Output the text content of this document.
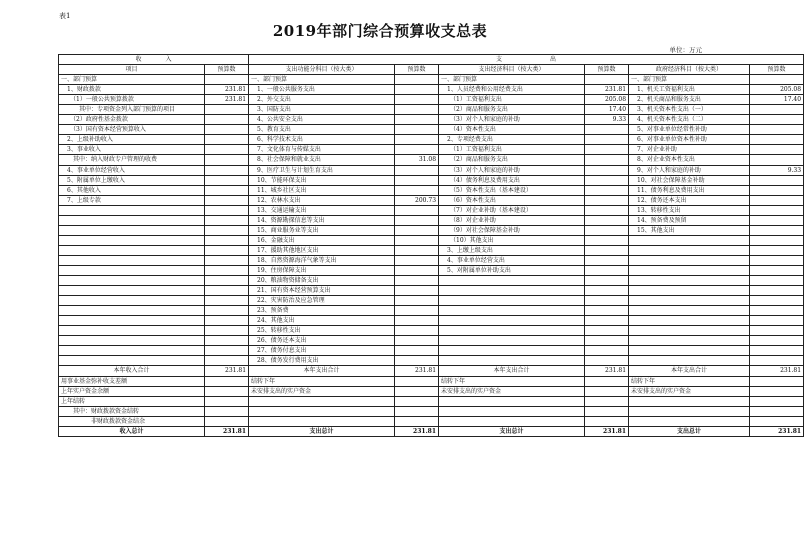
表1
2019年部门综合预算收支总表
单位：万元
收　　　　入		支　　　　　　　　出					
项目	预算数	支出功能分科目（按大类）	预算数	支出经济科目（按大类）	预算数	政府经济科目（按大类）	预算数
一、部门预算		一、部门预算		一、部门预算		一、部门预算	
　1、财政拨款	231.81	　1、一般公共服务支出		　1、人员经费和公用经费支出	231.81	　1、机关工资福利支出	205.08
　　（1）一般公共预算拨款	231.81	　2、外交支出		　　（1）工资福利支出	205.08	　2、机关商品和服务支出	17.40
　　　其中：专项资金列入部门预算的项目		　3、国防支出		　　（2）商品和服务支出	17.40	　3、机关资本性支出（一）	
　　（2）政府性基金拨款		　4、公共安全支出		　　（3）对个人和家庭的补助	9.33	　4、机关资本性支出（二）	
　　（3）国有资本经营预算收入		　5、教育支出		　　（4）资本性支出		　5、对事业单位经常性补助	
　2、上级补助收入		　6、科学技术支出		　2、专项经费支出		　6、对事业单位资本性补助	
　3、事业收入		　7、文化体育与传媒支出		　　（1）工资福利支出		　7、对企业补助	
　　其中：纳入财政专户管理的收费		　8、社会保障和就业支出	31.08	　　（2）商品和服务支出		　8、对企业资本性支出	
　4、事业单位经营收入		　9、医疗卫生与计划生育支出		　　（3）对个人和家庭的补助		　9、对个人和家庭的补助	9.33
　5、附属单位上缴收入		　10、节能环保支出		　　（4）债务利息及费用支出		　10、对社会保障基金补助	
　6、其他收入		　11、城乡社区支出		　　（5）资本性支出（基本建设）		　11、债务利息及费用支出	
　7、上级专款		　12、农林水支出	200.73	　　（6）资本性支出		　12、债务还本支出	
		　13、交通运输支出		　　（7）对企业补助（基本建设）		　13、转移性支出	
		　14、资源勘探信息等支出		　　（8）对企业补助		　14、预备费及预留	
		　15、商业服务业等支出		　　（9）对社会保障基金补助		　15、其他支出	
		　16、金融支出		　　（10）其他支出			
		　17、援助其他地区支出		　3、上缴上级支出			
		　18、自然资源海洋气象等支出		　4、事业单位经营支出			
		　19、住房保障支出		　5、对附属单位补助支出			
		　20、粮油物资储备支出					
		　21、国有资本经营预算支出					
		　22、灾害防治及应急管理					
		　23、预备费					
		　24、其他支出					
		　25、转移性支出					
		　26、债务还本支出					
		　27、债务付息支出					
		　28、债务发行费用支出					
本年收入合计	231.81	本年支出合计	231.81	本年支出合计	231.81	本年支出合计	231.81
用事业基金弥补收支差额		结转下年		结转下年		结转下年	
上年实户资金余额		未安排支出的实户资金		未安排支出的实户资金		未安排支出的实户资金	
上年结转							
　　其中：财政拨款资金结转							
　　　　　非财政拨款资金结余							
收入总计	231.81	支出总计	231.81	支出总计	231.81	支出总计	231.81
